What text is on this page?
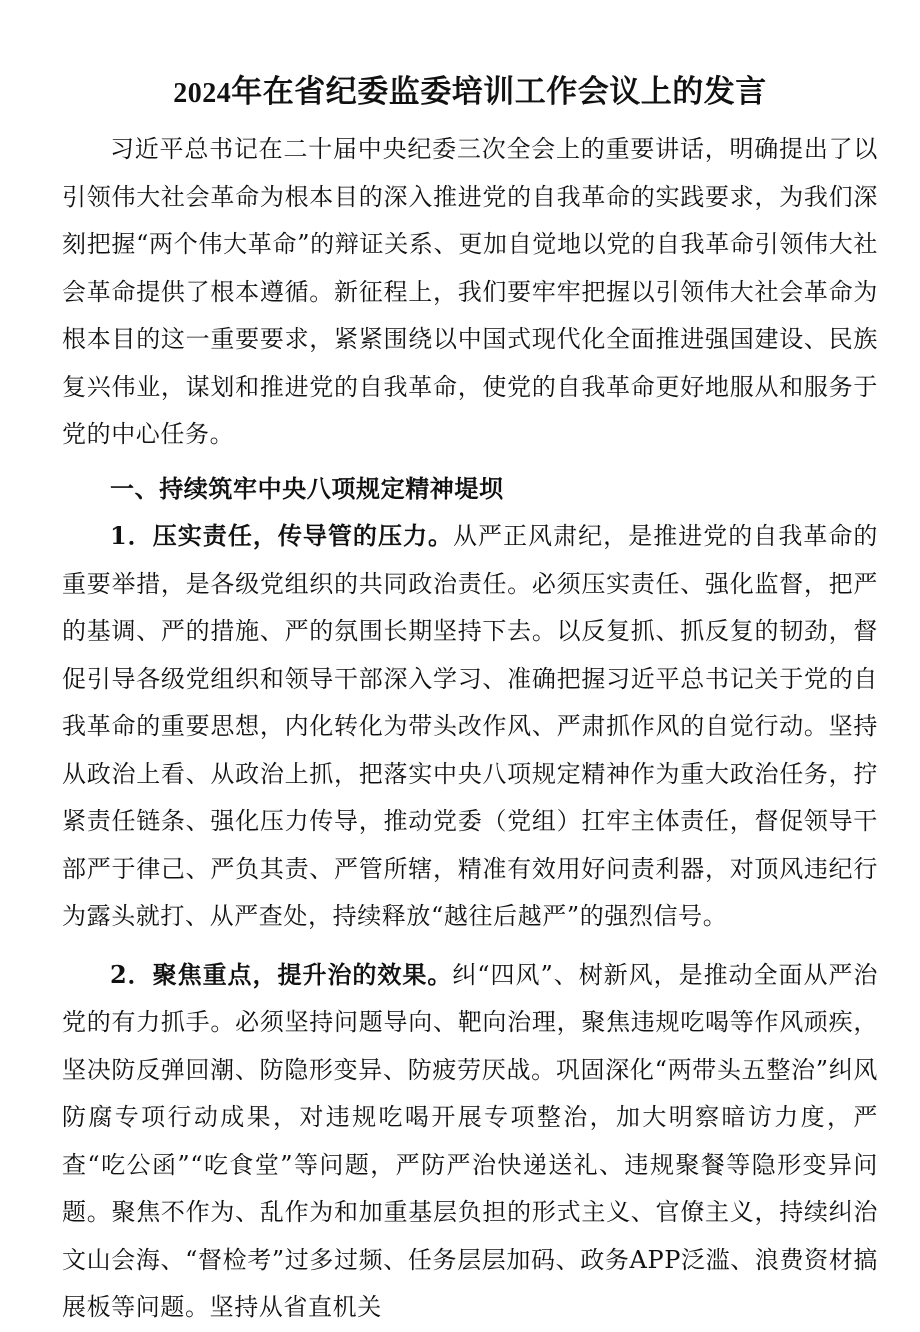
2024年在省纪委监委培训工作会议上的发言

习近平总书记在二十届中央纪委三次全会上的重要讲话，明确提出了以引领伟大社会革命为根本目的深入推进党的自我革命的实践要求，为我们深刻把握“两个伟大革命”的辩证关系、更加自觉地以党的自我革命引领伟大社会革命提供了根本遵循。新征程上，我们要牢牢把握以引领伟大社会革命为根本目的这一重要要求，紧紧围绕以中国式现代化全面推进强国建设、民族复兴伟业，谋划和推进党的自我革命，使党的自我革命更好地服从和服务于党的中心任务。

一、持续筑牢中央八项规定精神堤坝

1．压实责任，传导管的压力。从严正风肃纪，是推进党的自我革命的重要举措，是各级党组织的共同政治责任。必须压实责任、强化监督，把严的基调、严的措施、严的氛围长期坚持下去。以反复抓、抓反复的韧劲，督促引导各级党组织和领导干部深入学习、准确把握习近平总书记关于党的自我革命的重要思想，内化转化为带头改作风、严肃抓作风的自觉行动。坚持从政治上看、从政治上抓，把落实中央八项规定精神作为重大政治任务，拧紧责任链条、强化压力传导，推动党委（党组）扛牢主体责任，督促领导干部严于律己、严负其责、严管所辖，精准有效用好问责利器，对顶风违纪行为露头就打、从严查处，持续释放“越往后越严”的强烈信号。

2．聚焦重点，提升治的效果。纠“四风”、树新风，是推动全面从严治党的有力抓手。必须坚持问题导向、靶向治理，聚焦违规吃喝等作风顽疾，坚决防反弹回潮、防隐形变异、防疲劳厌战。巩固深化“两带头五整治”纠风防腐专项行动成果，对违规吃喝开展专项整治，加大明察暗访力度，严查“吃公函”“吃食堂”等问题，严防严治快递送礼、违规聚餐等隐形变异问题。聚焦不作为、乱作为和加重基层负担的形式主义、官僚主义，持续纠治文山会海、“督检考”过多过频、任务层层加码、政务APP泛滥、浪费资材搞展板等问题。坚持从省直机关
